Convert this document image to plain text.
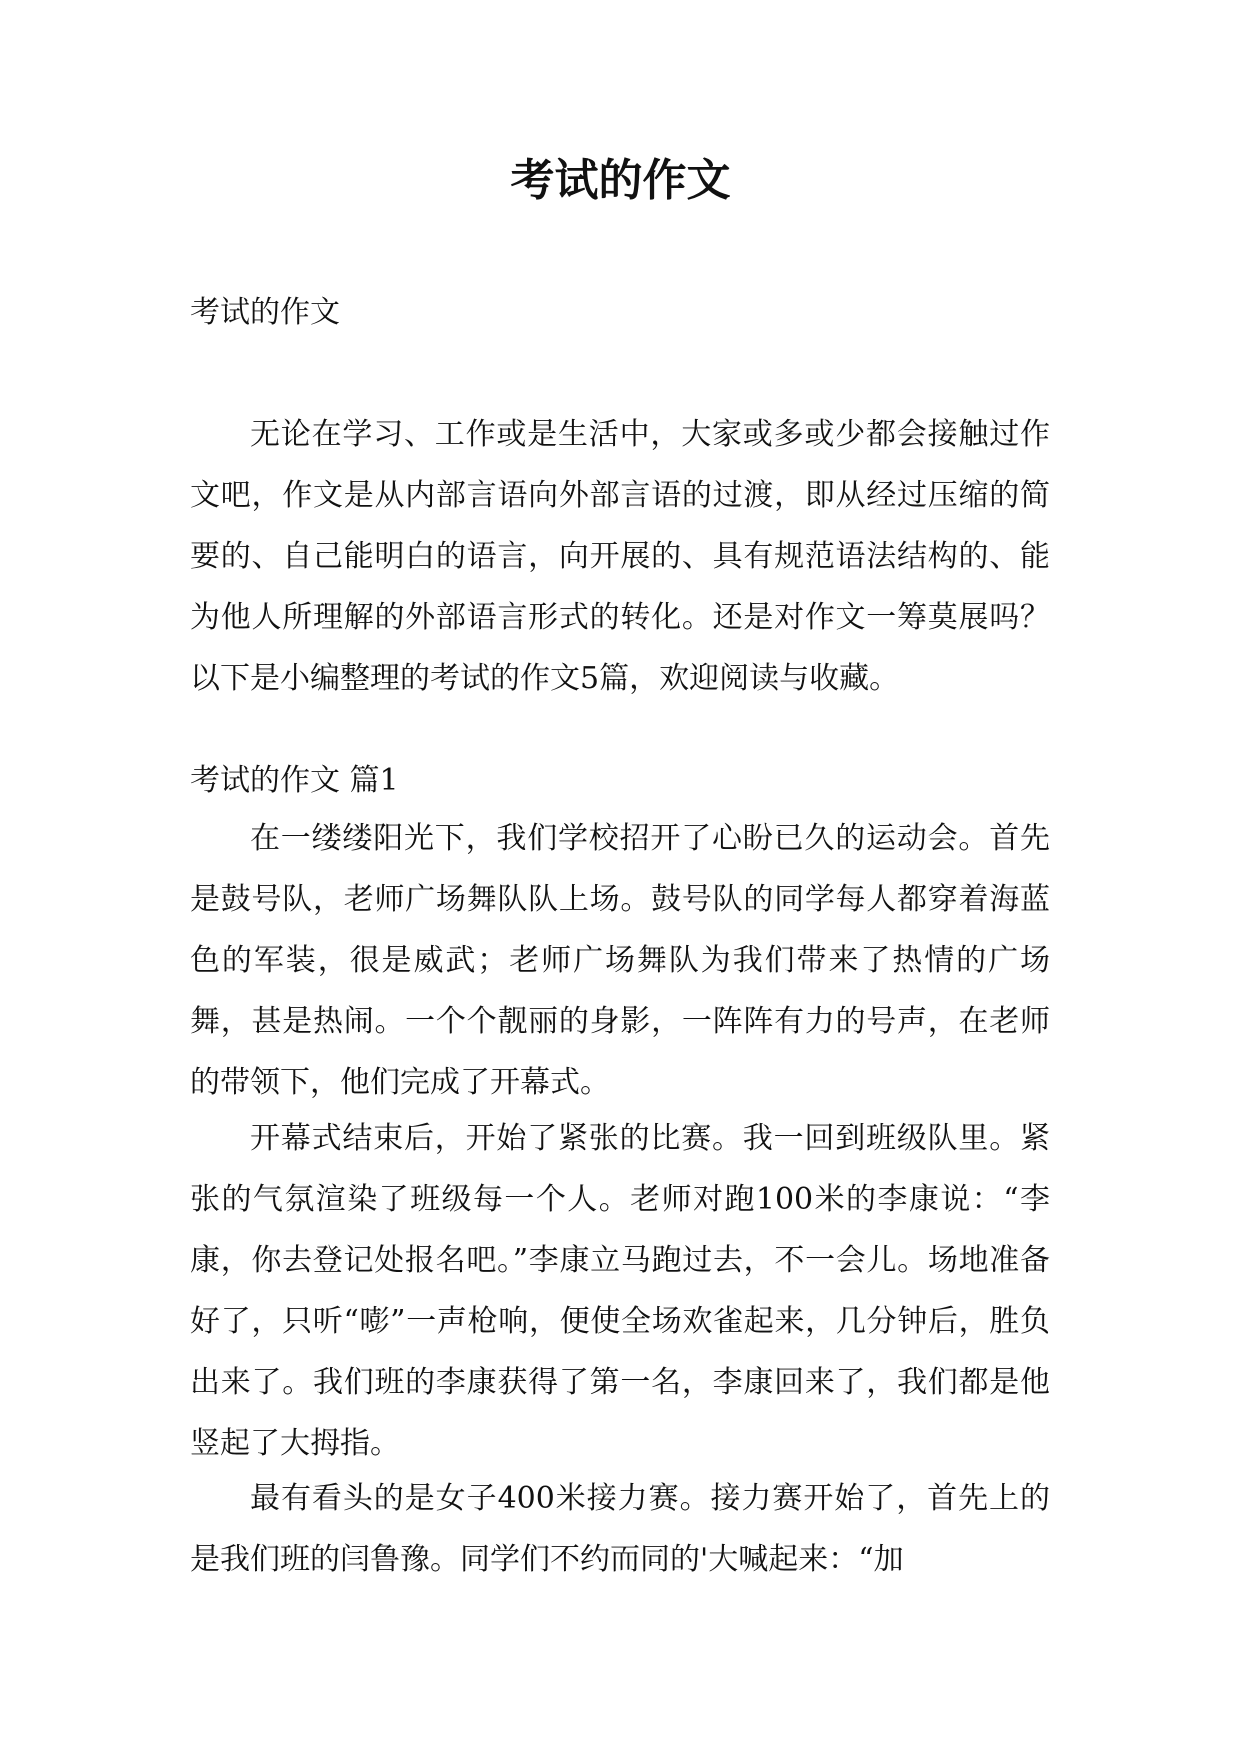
考试的作文

考试的作文

无论在学习、工作或是生活中，大家或多或少都会接触过作文吧，作文是从内部言语向外部言语的过渡，即从经过压缩的简要的、自己能明白的语言，向开展的、具有规范语法结构的、能为他人所理解的外部语言形式的转化。还是对作文一筹莫展吗？以下是小编整理的考试的作文5篇，欢迎阅读与收藏。

考试的作文 篇1

在一缕缕阳光下，我们学校招开了心盼已久的运动会。首先是鼓号队，老师广场舞队队上场。鼓号队的同学每人都穿着海蓝色的军装，很是威武；老师广场舞队为我们带来了热情的广场舞，甚是热闹。一个个靓丽的身影，一阵阵有力的号声，在老师的带领下，他们完成了开幕式。

开幕式结束后，开始了紧张的比赛。我一回到班级队里。紧张的气氛渲染了班级每一个人。老师对跑100米的李康说：“李康，你去登记处报名吧。”李康立马跑过去，不一会儿。场地准备好了，只听“嘭”一声枪响，便使全场欢雀起来，几分钟后，胜负出来了。我们班的李康获得了第一名，李康回来了，我们都是他竖起了大拇指。

最有看头的是女子400米接力赛。接力赛开始了，首先上的是我们班的闫鲁豫。同学们不约而同的'大喊起来：“加
